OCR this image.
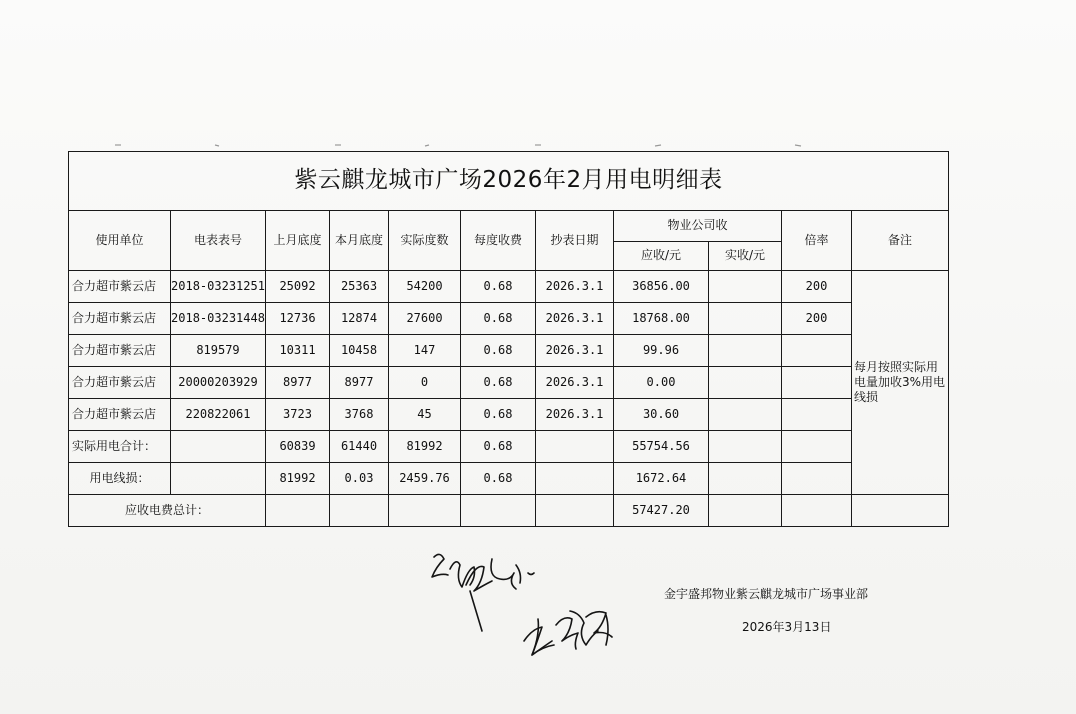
紫云麒龙城市广场2026年2月用电明细表										
使用单位	电表表号	上月底度	本月底度	实际度数	每度收费	抄表日期	物业公司收		倍率	备注
							应收/元	实收/元		
合力超市紫云店	2018-03231251	25092	25363	54200	0.68	2026.3.1	36856.00		200	每月按照实际用电量加收3%用电线损
合力超市紫云店	2018-03231448	12736	12874	27600	0.68	2026.3.1	18768.00		200	
合力超市紫云店	819579	10311	10458	147	0.68	2026.3.1	99.96			
合力超市紫云店	20000203929	8977	8977	0	0.68	2026.3.1	0.00			
合力超市紫云店	220822061	3723	3768	45	0.68	2026.3.1	30.60			
实际用电合计：		60839	61440	81992	0.68		55754.56			
用电线损：		81992	0.03	2459.76	0.68		1672.64			
应收电费总计：							57427.20			
金宇盛邦物业紫云麒龙城市广场事业部
2026年3月13日
